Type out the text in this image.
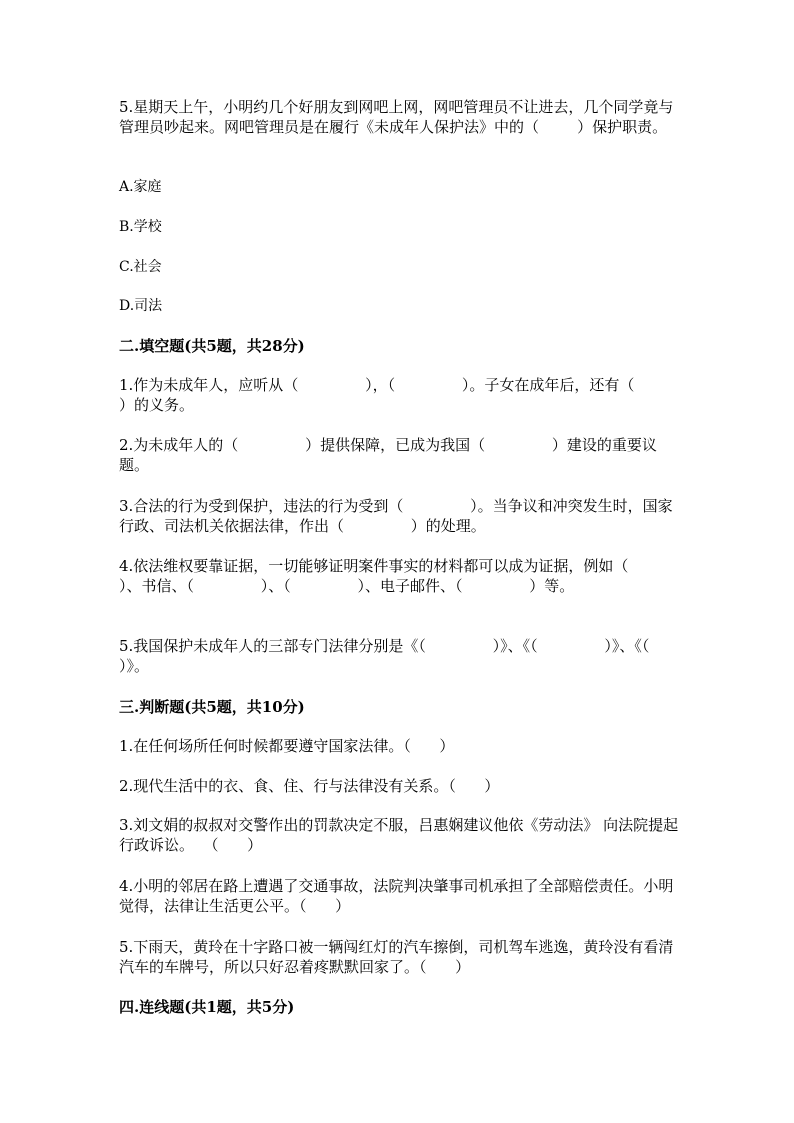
5.星期天上午，小明约几个好朋友到网吧上网，网吧管理员不让进去，几个同学竟与管理员吵起来。网吧管理员是在履行《未成年人保护法》中的（        ）保护职责。

A.家庭

B.学校

C.社会

D.司法

二.填空题(共5题，共28分)

1.作为未成年人，应听从（              ），（              ）。子女在成年后，还有（              ）的义务。

2.为未成年人的（              ）提供保障，已成为我国（              ）建设的重要议题。

3.合法的行为受到保护，违法的行为受到（              ）。当争议和冲突发生时，国家行政、司法机关依据法律，作出（              ）的处理。

4.依法维权要靠证据，一切能够证明案件事实的材料都可以成为证据，例如（              ）、书信、（              ）、（              ）、电子邮件、（              ）等。

5.我国保护未成年人的三部专门法律分别是《（              ）》、《（              ）》、《（              ）》。

三.判断题(共5题，共10分)

1.在任何场所任何时候都要遵守国家法律。（      ）

2.现代生活中的衣、食、住、行与法律没有关系。（      ）

3.刘文娟的叔叔对交警作出的罚款决定不服，吕惠娴建议他依《劳动法》 向法院提起行政诉讼。  （      ）

4.小明的邻居在路上遭遇了交通事故，法院判决肇事司机承担了全部赔偿责任。小明觉得，法律让生活更公平。（      ）

5.下雨天，黄玲在十字路口被一辆闯红灯的汽车擦倒，司机驾车逃逸，黄玲没有看清汽车的车牌号，所以只好忍着疼默默回家了。（      ）

四.连线题(共1题，共5分)
